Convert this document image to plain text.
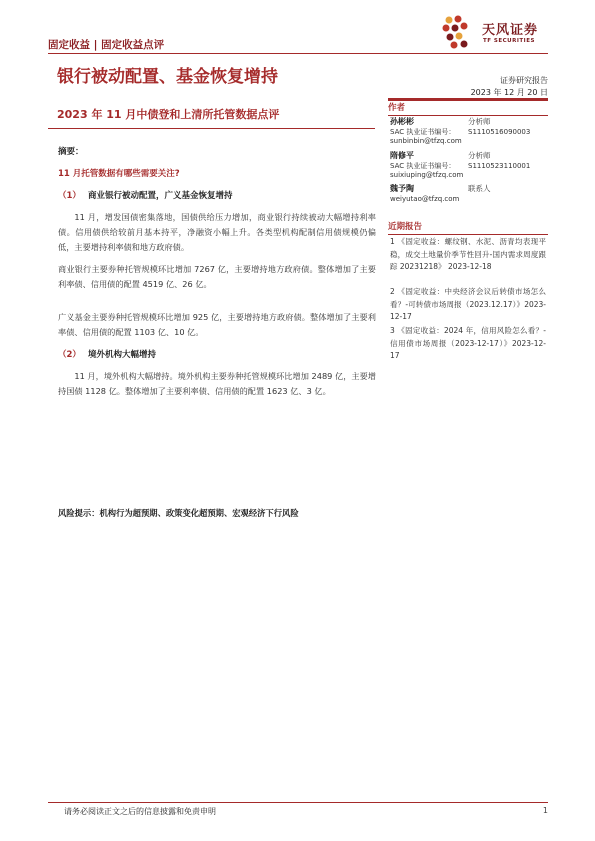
固定收益 | 固定收益点评
天风证券
TF SECURITIES
银行被动配置、基金恢复增持	证券研究报告
2023 年 12 月 20 日
2023 年 11 月中债登和上清所托管数据点评
摘要：
11 月托管数据有哪些需要关注?
（1） 商业银行被动配置，广义基金恢复增持
11 月，增发国债密集落地，国债供给压力增加，商业银行持续被动大幅增持利率债。信用债供给较前月基本持平，净融资小幅上升。各类型机构配制信用债规模仍偏低，主要增持利率债和地方政府债。
商业银行主要券种托管规模环比增加 7267 亿，主要增持地方政府债。整体增加了主要利率债、信用债的配置 4519 亿、26 亿。
广义基金主要券种托管规模环比增加 925 亿，主要增持地方政府债。整体增加了主要利率债、信用债的配置 1103 亿、10 亿。
（2） 境外机构大幅增持
11 月，境外机构大幅增持。境外机构主要券种托管规模环比增加 2489 亿，主要增持国债 1128 亿。整体增加了主要利率债、信用债的配置 1623 亿、3 亿。
风险提示：机构行为超预期、政策变化超预期、宏观经济下行风险
作者
孙彬彬	分析师
SAC 执业证书编号： S1110516090003
sunbinbin@tfzq.com
隋修平	分析师
SAC 执业证书编号： S1110523110001
suixiuping@tfzq.com
魏予陶	联系人
weiyutao@tfzq.com
近期报告
1 《固定收益：螺纹钢、水泥、沥青均表现平稳，成交土地量价季节性回升-国内需求周度跟踪 20231218》 2023-12-18
2 《固定收益：中央经济会议后转债市场怎么看？-可转债市场周报（2023.12.17）》2023-12-17
3 《固定收益：2024 年，信用风险怎么看？-信用债市场周报（2023-12-17）》2023-12-17
请务必阅读正文之后的信息披露和免责申明	1
